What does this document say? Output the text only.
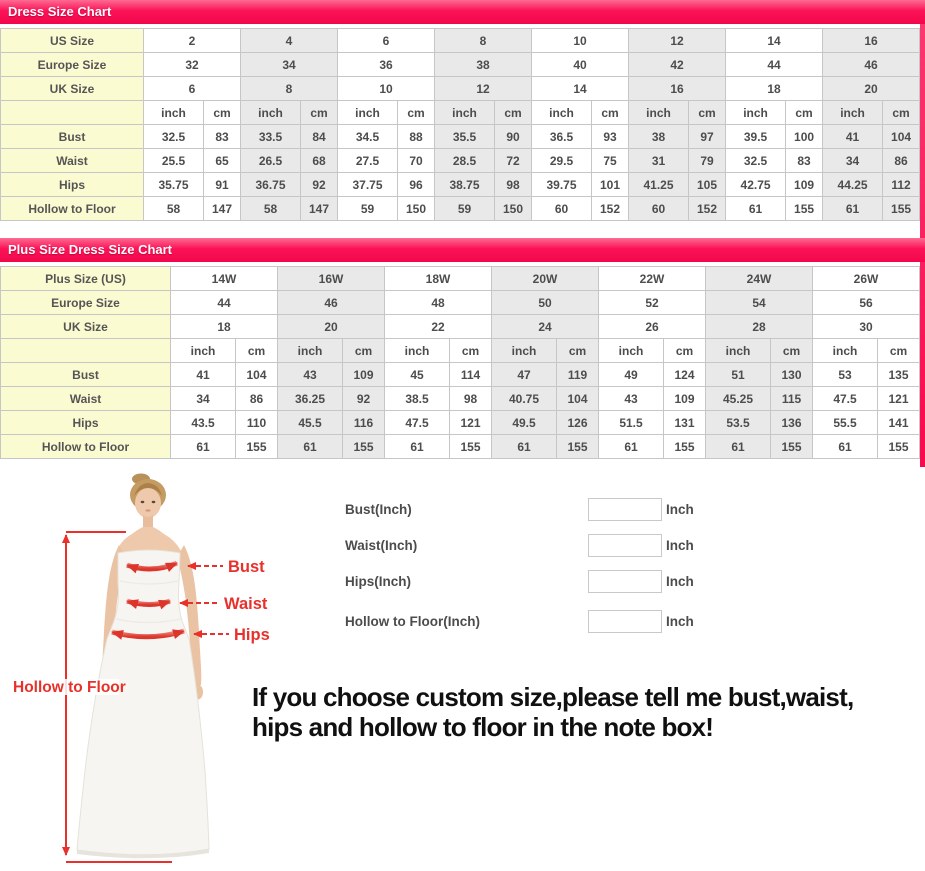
Dress Size Chart
US Size	2		4		6		8		10		12		14		16	
Europe Size	32		34		36		38		40		42		44		46	
UK Size	6		8		10		12		14		16		18		20	
	inch	cm	inch	cm	inch	cm	inch	cm	inch	cm	inch	cm	inch	cm	inch	cm
Bust	32.5	83	33.5	84	34.5	88	35.5	90	36.5	93	38	97	39.5	100	41	104
Waist	25.5	65	26.5	68	27.5	70	28.5	72	29.5	75	31	79	32.5	83	34	86
Hips	35.75	91	36.75	92	37.75	96	38.75	98	39.75	101	41.25	105	42.75	109	44.25	112
Hollow to Floor	58	147	58	147	59	150	59	150	60	152	60	152	61	155	61	155
Plus Size Dress Size Chart
Plus Size (US)	14W		16W		18W		20W		22W		24W		26W	
Europe Size	44		46		48		50		52		54		56	
UK Size	18		20		22		24		26		28		30	
	inch	cm	inch	cm	inch	cm	inch	cm	inch	cm	inch	cm	inch	cm
Bust	41	104	43	109	45	114	47	119	49	124	51	130	53	135
Waist	34	86	36.25	92	38.5	98	40.75	104	43	109	45.25	115	47.5	121
Hips	43.5	110	45.5	116	47.5	121	49.5	126	51.5	131	53.5	136	55.5	141
Hollow to Floor	61	155	61	155	61	155	61	155	61	155	61	155	61	155
Bust
Waist
Hips
Hollow to Floor
Bust(Inch)	Inch
Waist(Inch)	Inch
Hips(Inch)	Inch
Hollow to Floor(Inch)	Inch
If you choose custom size,please tell me bust,waist,
hips and hollow to floor in the note box!
